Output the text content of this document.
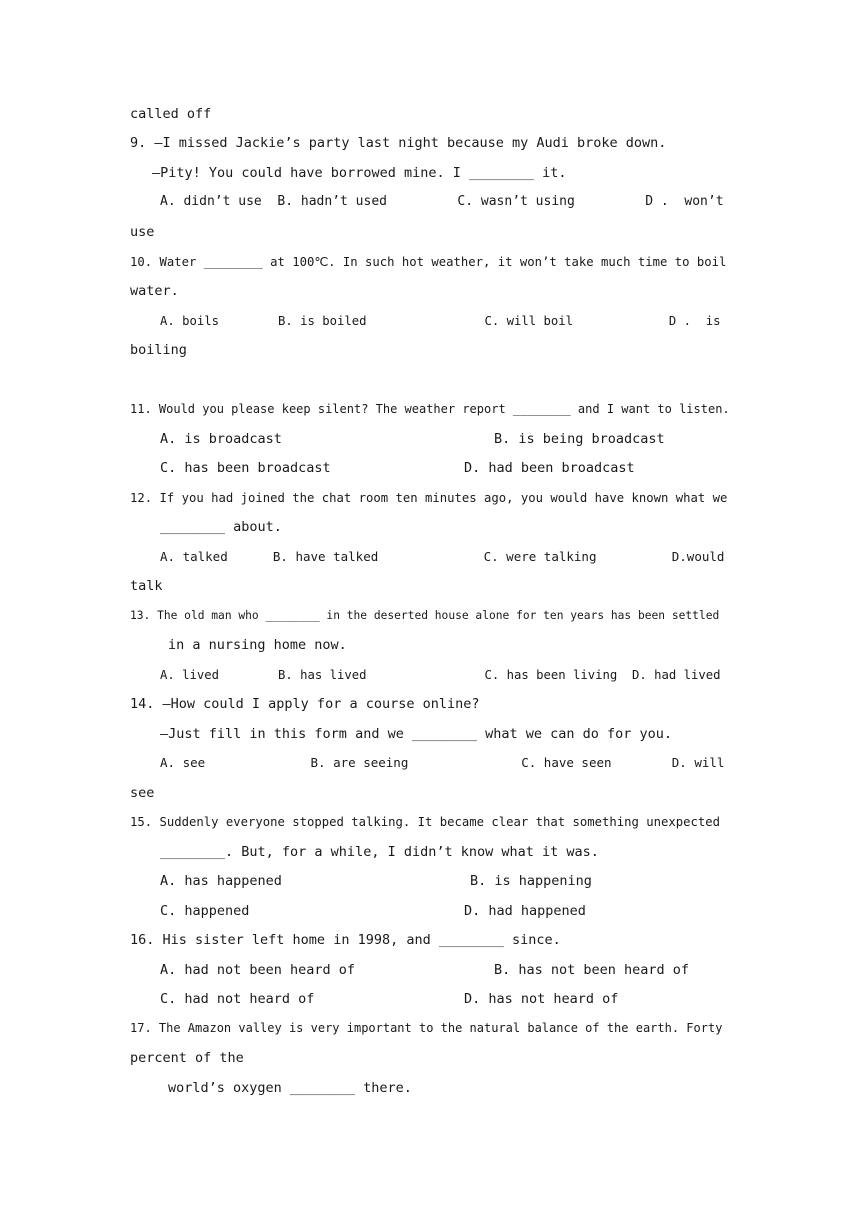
called off
9. —I missed Jackie’s party last night because my Audi broke down.
—Pity! You could have borrowed mine. I ________ it.
A. didn’t use  B. hadn’t used         C. wasn’t using         D .  won’t
use
10. Water ________ at 100℃. In such hot weather, it won’t take much time to boil
water.
A. boils        B. is boiled                C. will boil             D .  is
boiling
11. Would you please keep silent? The weather report ________ and I want to listen.
A. is broadcast	B. is being broadcast
C. has been broadcast	D. had been broadcast
12. If you had joined the chat room ten minutes ago, you would have known what we
________ about.
A. talked      B. have talked              C. were talking          D.would
talk
13. The old man who ________ in the deserted house alone for ten years has been settled
in a nursing home now.
A. lived        B. has lived                C. has been living  D. had lived
14. —How could I apply for a course online?
—Just fill in this form and we ________ what we can do for you.
A. see              B. are seeing               C. have seen        D. will
see
15. Suddenly everyone stopped talking. It became clear that something unexpected
________. But, for a while, I didn’t know what it was.
A. has happened	B. is happening
C. happened	D. had happened
16. His sister left home in 1998, and ________ since.
A. had not been heard of	B. has not been heard of
C. had not heard of	D. has not heard of
17. The Amazon valley is very important to the natural balance of the earth. Forty
percent of the
world’s oxygen ________ there.
